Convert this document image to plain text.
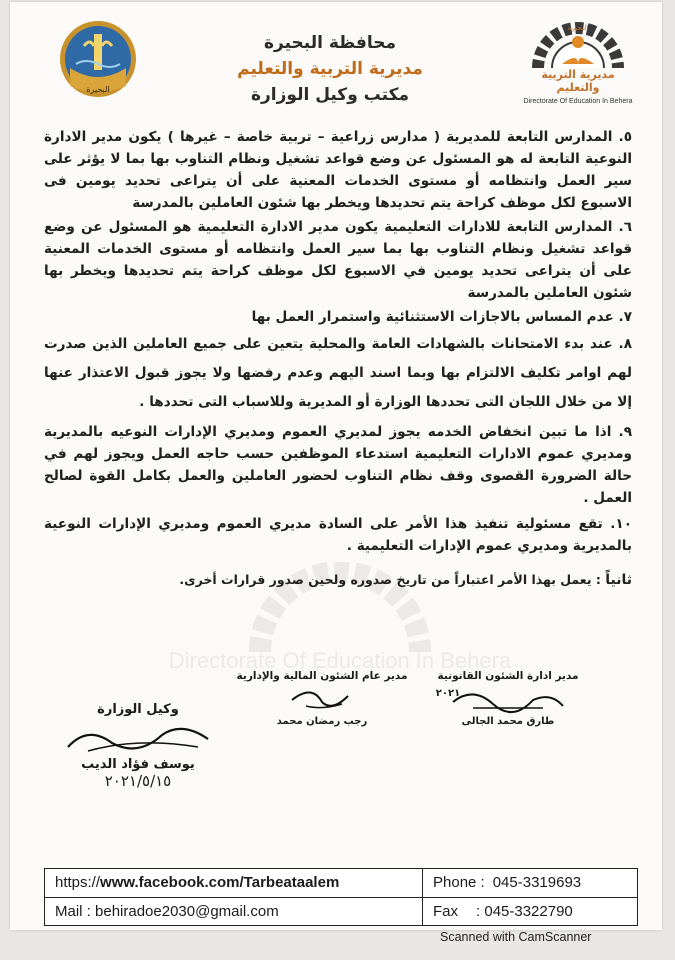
البحيرة
محافظة البحيرة
مديرية التربية والتعليم
مكتب وكيل الوزارة
البحيرة
مديرية التربية والتعليم
Directorate Of Education In Behera
Directorate Of Education In Behera

٥. المدارس التابعة للمديرية ( مدارس زراعية – تربية خاصة – غيرها ) يكون مدير الادارة النوعية التابعة له هو المسئول عن وضع قواعد تشغيل ونظام التناوب بها بما لا يؤثر على سير العمل وانتظامه أو مستوى الخدمات المعنية على أن يتراعى تحديد يومين فى الاسبوع لكل موظف كراحة يتم تحديدها ويخطر بها شئون العاملين بالمدرسة

٦. المدارس التابعة للادارات التعليمية يكون مدير الادارة التعليمية هو المسئول عن وضع قواعد تشغيل ونظام التناوب بها بما سير العمل وانتظامه أو مستوى الخدمات المعنية على أن يتراعى تحديد يومين في الاسبوع لكل موظف كراحة يتم تحديدها ويخطر بها شئون العاملين بالمدرسة

٧. عدم المساس بالاجازات الاستثنائية واستمرار العمل بها

٨. عند بدء الامتحانات بالشهادات العامة والمحلية يتعين على جميع العاملين الذين صدرت لهم اوامر تكليف الالتزام بها وبما اسند اليهم وعدم رفضها ولا يجوز قبول الاعتذار عنها إلا من خلال اللجان التى تحددها الوزارة أو المديرية وللاسباب التى تحددها .

٩. اذا ما تبين انخفاض الخدمه يجوز لمديري العموم ومديري الإدارات النوعيه بالمديرية ومديري عموم الادارات التعليمية استدعاء الموظفين حسب حاجه العمل ويجوز لهم في حالة الضرورة القصوى وقف نظام التناوب لحضور العاملين والعمل بكامل القوة لصالح العمل .

١٠. تقع مسئولية تنفيذ هذا الأمر على السادة مديري العموم ومديري الإدارات النوعية بالمديرية ومديري عموم الإدارات التعليمية .

ثانياً : يعمل بهذا الأمر اعتباراً من تاريخ صدوره ولحين صدور قرارات أخرى.

مدير ادارة الشئون القانونية
طارق محمد الجالى
٢٠٢١
مدير عام الشئون المالية والإدارية
رجب رمضان محمد
وكيل الوزارة
يوسف فؤاد الديب
٢٠٢١/٥/١٥
https:// www.facebook.com/Tarbeataalem
Mail : behiradoe2030@gmail.com
Phone : 045-3319693
Fax : 045-3322790
Scanned with CamScanner
